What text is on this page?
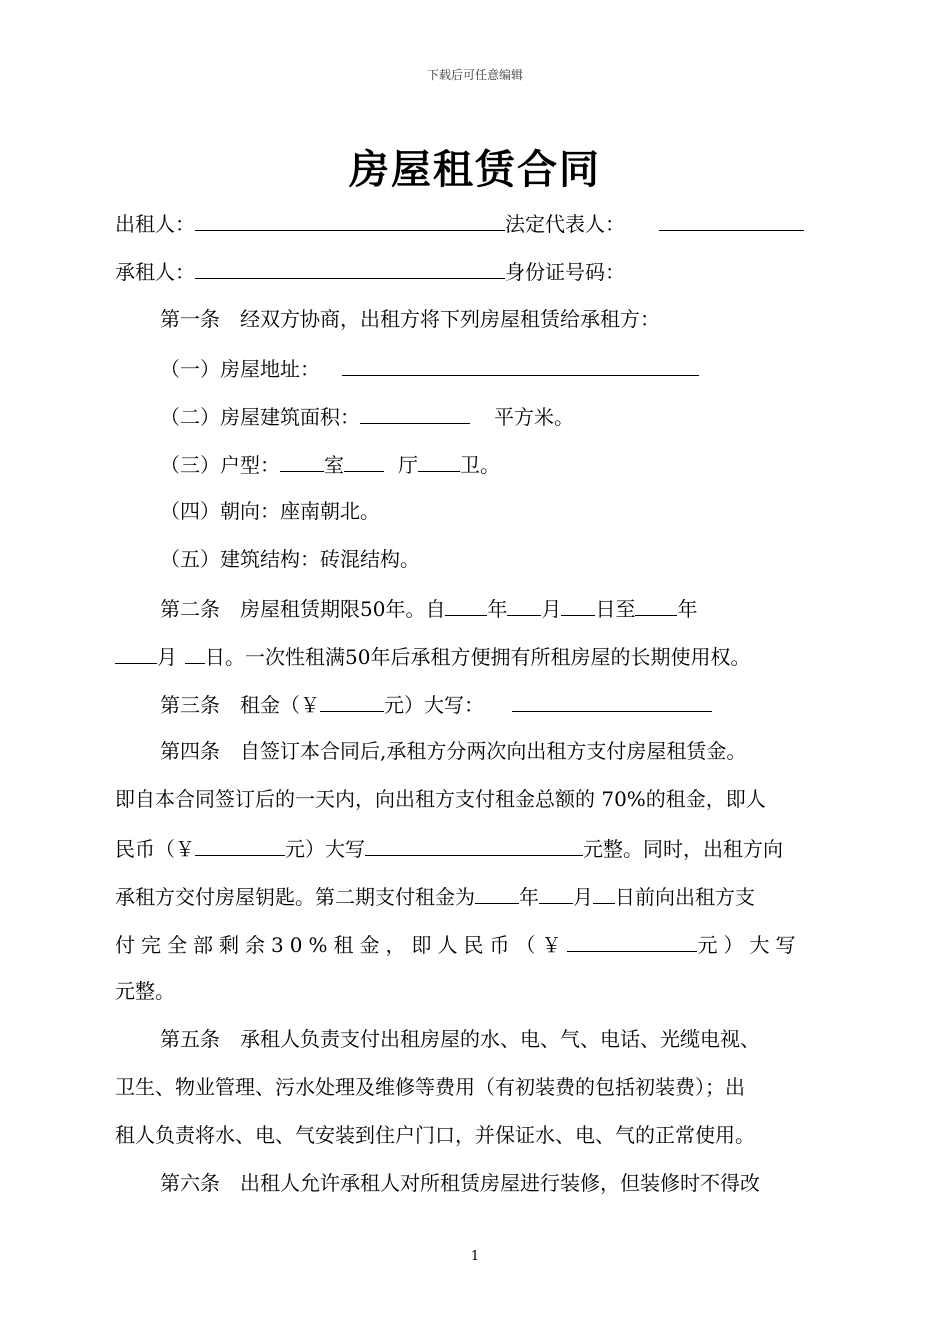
下载后可任意编辑
房屋租赁合同
出租人：	法定代表人：
承租人：	身份证号码：
第一条　经双方协商，出租方将下列房屋租赁给承租方：
（一）房屋地址：
（二）房屋建筑面积：	平方米。
（三）户型： 室	厅 卫。
（四）朝向：座南朝北。
（五）建筑结构：砖混结构。
第二条　房屋租赁期限50年。自 年 月 日至 年
月 日。一次性租满50年后承租方便拥有所租房屋的长期使用权。
第三条　租金（￥	元）大写：
第四条　自签订本合同后,承租方分两次向出租方支付房屋租赁金。
即自本合同签订后的一天内，向出租方支付租金总额的 70%的租金，即人
民币（￥	元）大写	元整。同时，出租方向
承租方交付房屋钥匙。第二期支付租金为 年 月 日前向出租方支
付完全部剩余30%租金，即人民币（￥	元）大写
元整。
第五条　承租人负责支付出租房屋的水、电、气、电话、光缆电视、
卫生、物业管理、污水处理及维修等费用（有初装费的包括初装费）；出
租人负责将水、电、气安装到住户门口，并保证水、电、气的正常使用。
第六条　出租人允许承租人对所租赁房屋进行装修，但装修时不得改
1
